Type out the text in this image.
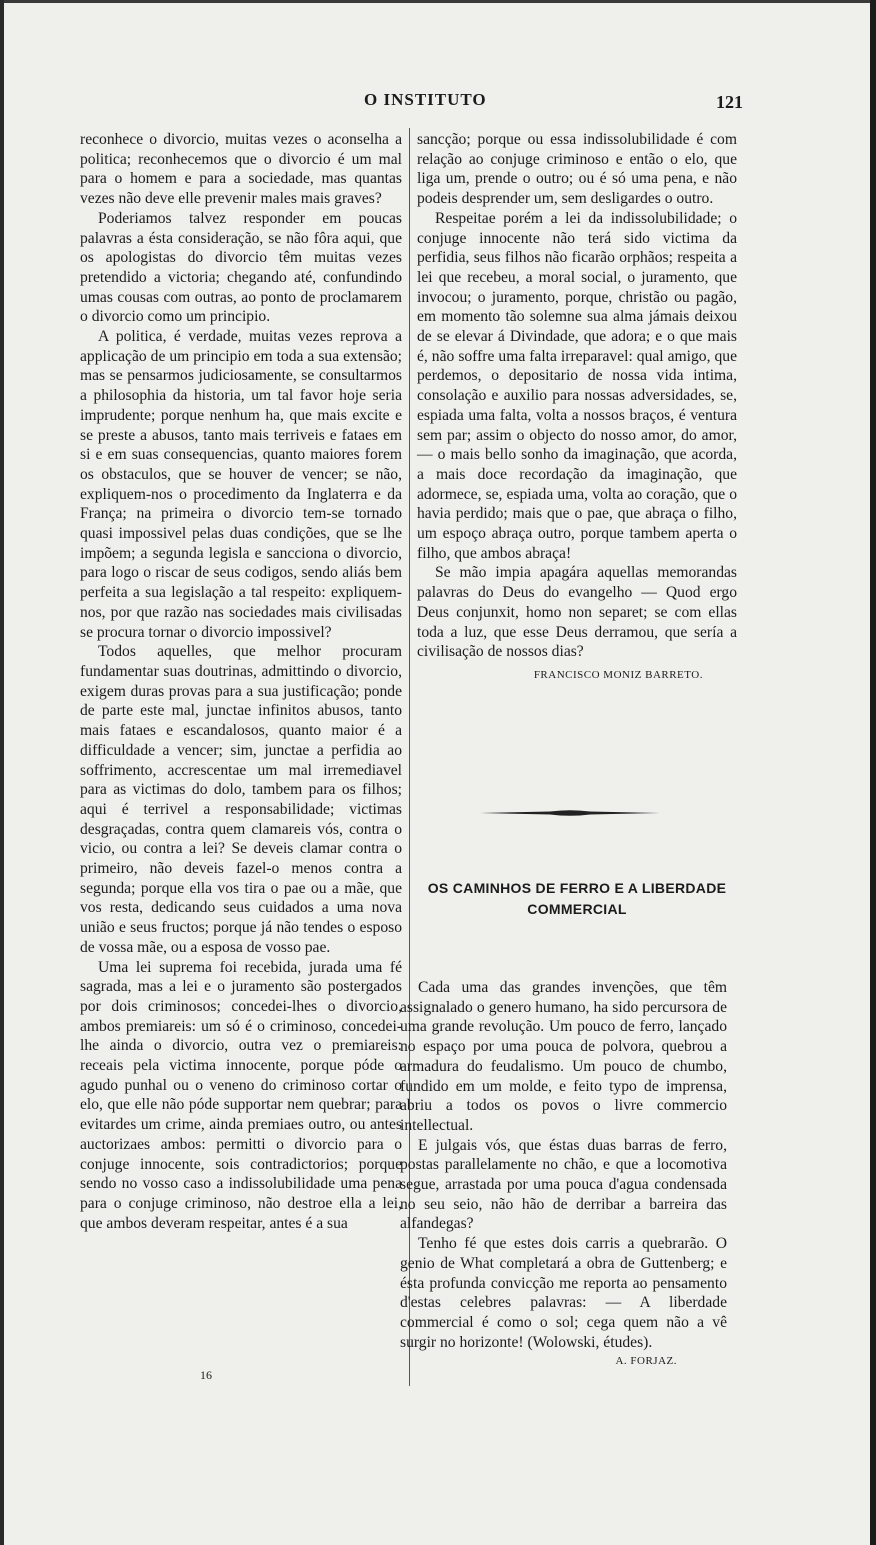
O INSTITUTO	121

reconhece o divorcio, muitas vezes o aconselha a politica; reconhecemos que o divorcio é um mal para o homem e para a sociedade, mas quantas vezes não deve elle prevenir males mais graves?

Poderiamos talvez responder em poucas palavras a ésta consideração, se não fôra aqui, que os apologistas do divorcio têm muitas vezes pretendido a victoria; chegando até, confundindo umas cousas com outras, ao ponto de proclamarem o divorcio como um principio.

A politica, é verdade, muitas vezes reprova a applicação de um principio em toda a sua extensão; mas se pensarmos judiciosamente, se consultarmos a philosophia da historia, um tal favor hoje seria imprudente; porque nenhum ha, que mais excite e se preste a abusos, tanto mais terriveis e fataes em si e em suas consequencias, quanto maiores forem os obstaculos, que se houver de vencer; se não, expliquem-nos o procedimento da Inglaterra e da França; na primeira o divorcio tem-se tornado quasi impossivel pelas duas condições, que se lhe impõem; a segunda legisla e sancciona o divorcio, para logo o riscar de seus codigos, sendo aliás bem perfeita a sua legislação a tal respeito: expliquem-nos, por que razão nas sociedades mais civilisadas se procura tornar o divorcio impossivel?

Todos aquelles, que melhor procuram fundamentar suas doutrinas, admittindo o divorcio, exigem duras provas para a sua justificação; ponde de parte este mal, junctae infinitos abusos, tanto mais fataes e escandalosos, quanto maior é a difficuldade a vencer; sim, junctae a perfidia ao soffrimento, accrescentae um mal irremediavel para as victimas do dolo, tambem para os filhos; aqui é terrivel a responsabilidade; victimas desgraçadas, contra quem clamareis vós, contra o vicio, ou contra a lei? Se deveis clamar contra o primeiro, não deveis fazel-o menos contra a segunda; porque ella vos tira o pae ou a mãe, que vos resta, dedicando seus cuidados a uma nova união e seus fructos; porque já não tendes o esposo de vossa mãe, ou a esposa de vosso pae.

Uma lei suprema foi recebida, jurada uma fé sagrada, mas a lei e o juramento são postergados por dois criminosos; concedei-lhes o divorcio, ambos premiareis: um só é o criminoso, concedei-lhe ainda o divorcio, outra vez o premiareis: receais pela victima innocente, porque póde o agudo punhal ou o veneno do criminoso cortar o elo, que elle não póde supportar nem quebrar; para evitardes um crime, ainda premiaes outro, ou antes auctorizaes ambos: permitti o divorcio para o conjuge innocente, sois contradictorios; porque sendo no vosso caso a indissolubilidade uma pena para o conjuge criminoso, não destroe ella a lei, que ambos deveram respeitar, antes é a sua

16

sancção; porque ou essa indissolubilidade é com relação ao conjuge criminoso e então o elo, que liga um, prende o outro; ou é só uma pena, e não podeis desprender um, sem desligardes o outro.

Respeitae porém a lei da indissolubilidade; o conjuge innocente não terá sido victima da perfidia, seus filhos não ficarão orphãos; respeita a lei que recebeu, a moral social, o juramento, que invocou; o juramento, porque, christão ou pagão, em momento tão solemne sua alma jámais deixou de se elevar á Divindade, que adora; e o que mais é, não soffre uma falta irreparavel: qual amigo, que perdemos, o depositario de nossa vida intima, consolação e auxilio para nossas adversidades, se, espiada uma falta, volta a nossos braços, é ventura sem par; assim o objecto do nosso amor, do amor, — o mais bello sonho da imaginação, que acorda, a mais doce recordação da imaginação, que adormece, se, espiada uma, volta ao coração, que o havia perdido; mais que o pae, que abraça o filho, um espoço abraça outro, porque tambem aperta o filho, que ambos abraça!

Se mão impia apagára aquellas memorandas palavras do Deus do evangelho — Quod ergo Deus conjunxit, homo non separet; se com ellas toda a luz, que esse Deus derramou, que sería a civilisação de nossos dias?

FRANCISCO MONIZ BARRETO.

OS CAMINHOS DE FERRO E A LIBERDADE
COMMERCIAL

Cada uma das grandes invenções, que têm assignalado o genero humano, ha sido percursora de uma grande revolução. Um pouco de ferro, lançado no espaço por uma pouca de polvora, quebrou a armadura do feudalismo. Um pouco de chumbo, fundido em um molde, e feito typo de imprensa, abriu a todos os povos o livre commercio intellectual.

E julgais vós, que éstas duas barras de ferro, postas parallelamente no chão, e que a locomotiva segue, arrastada por uma pouca d'agua condensada no seu seio, não hão de derribar a barreira das alfandegas?

Tenho fé que estes dois carris a quebrarão. O genio de What completará a obra de Guttenberg; e ésta profunda convicção me reporta ao pensamento d'estas celebres palavras: — A liberdade commercial é como o sol; cega quem não a vê surgir no horizonte! (Wolowski, études).

A. FORJAZ.
